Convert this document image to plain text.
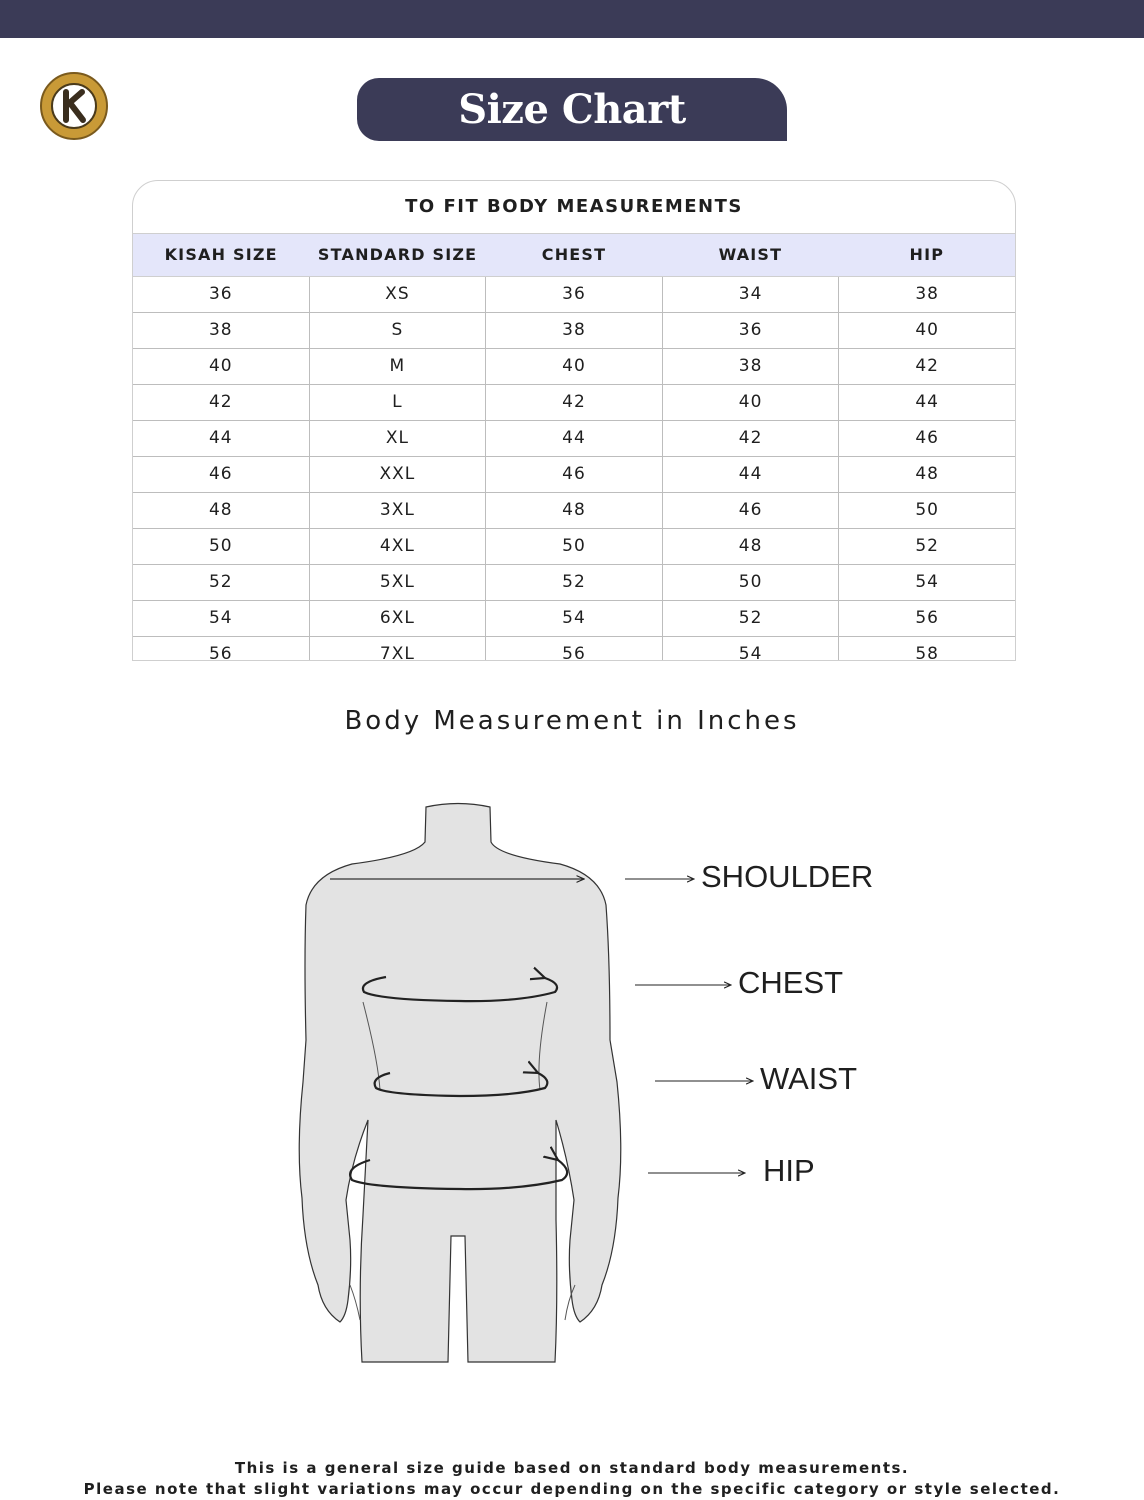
Size Chart
TO FIT BODY MEASUREMENTS
KISAH SIZE	STANDARD SIZE	CHEST	WAIST	HIP
36	XS	36	34	38
38	S	38	36	40
40	M	40	38	42
42	L	42	40	44
44	XL	44	42	46
46	XXL	46	44	48
48	3XL	48	46	50
50	4XL	50	48	52
52	5XL	52	50	54
54	6XL	54	52	56
56	7XL	56	54	58
Body Measurement in Inches
SHOULDER
CHEST
WAIST
HIP
This is a general size guide based on standard body measurements.
Please note that slight variations may occur depending on the specific category or style selected.
